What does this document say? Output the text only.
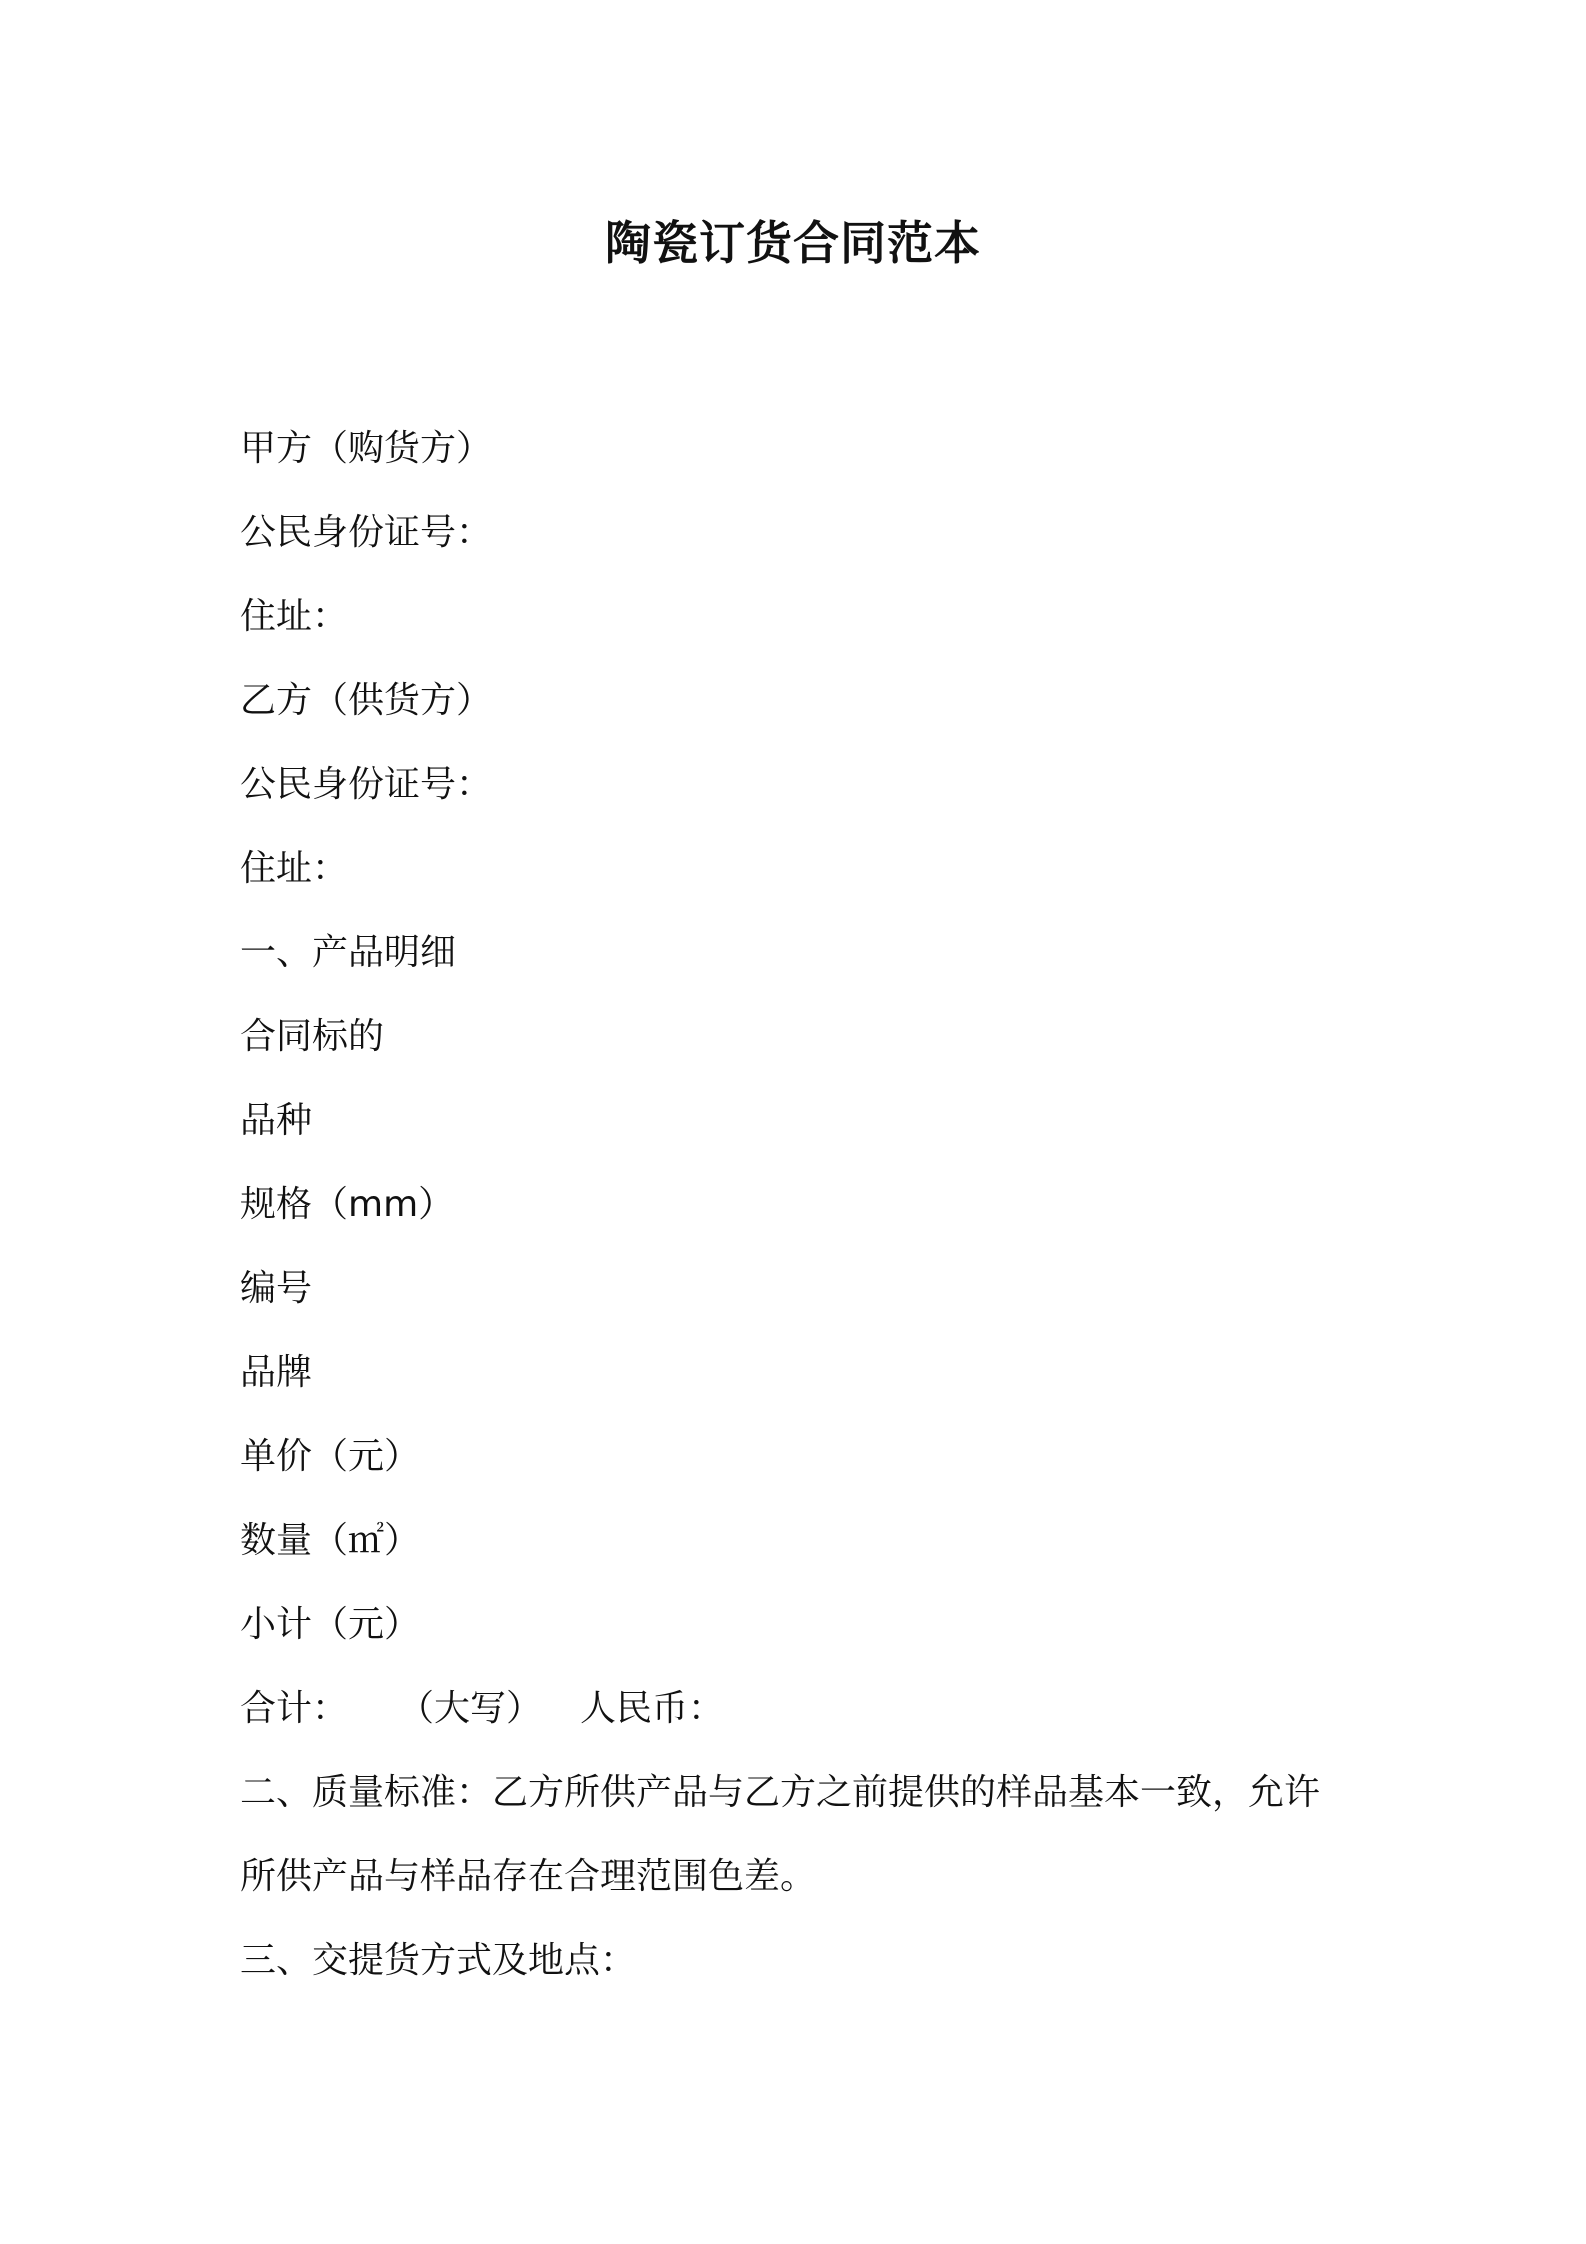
陶瓷订货合同范本
甲方（购货方）
公民身份证号：
住址：
乙方（供货方）
公民身份证号：
住址：
一、产品明细
合同标的
品种
规格（mm）
编号
品牌
单价（元）
数量（㎡）
小计（元）
合计： （大写） 人民币：
二、质量标准：乙方所供产品与乙方之前提供的样品基本一致，允许
所供产品与样品存在合理范围色差。
三、交提货方式及地点：
